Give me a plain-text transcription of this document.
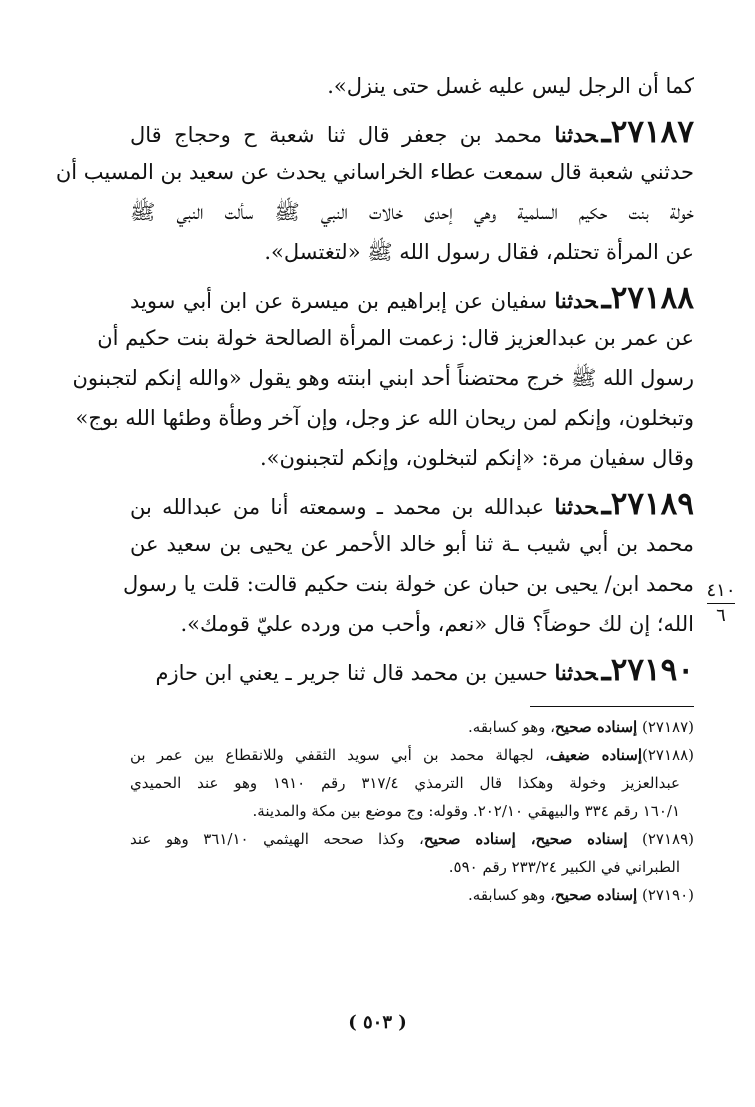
كما أن الرجل ليس عليه غسل حتى ينزل».
٢٧١٨٧ـحدثنا محمد بن جعفر قال ثنا شعبة ح وحجاج قال
حدثني شعبة قال سمعت عطاء الخراساني يحدث عن سعيد بن المسيب أن
خولة بنت حكيم السلمية وهي إحدى خالات النبي ﷺ سألت النبي ﷺ
عن المرأة تحتلم، فقال رسول الله ﷺ «لتغتسل».
٢٧١٨٨ـحدثنا سفيان عن إبراهيم بن ميسرة عن ابن أبي سويد
عن عمر بن عبدالعزيز قال: زعمت المرأة الصالحة خولة بنت حكيم أن
رسول الله ﷺ خرج محتضناً أحد ابني ابنته وهو يقول «والله إنكم لتجبنون
وتبخلون، وإنكم لمن ريحان الله عز وجل، وإن آخر وطأة وطئها الله بوج»
وقال سفيان مرة: «إنكم لتبخلون، وإنكم لتجبنون».
٢٧١٨٩ـحدثنا عبدالله بن محمد ـ وسمعته أنا من عبدالله بن
محمد بن أبي شيب ـة ثنا أبو خالد الأحمر عن يحيى بن سعيد عن
محمد ابن/ يحيى بن حبان عن خولة بنت حكيم قالت: قلت يا رسول
الله؛ إن لك حوضاً؟ قال «نعم، وأحب من ورده عليّ قومك».
٢٧١٩٠ـحدثنا حسين بن محمد قال ثنا جرير ـ يعني ابن حازم
٤١٠
٦
(٢٧١٨٧) إسناده صحيح، وهو كسابقه.
(٢٧١٨٨)إسناده ضعيف، لجهالة محمد بن أبي سويد الثقفي وللانقطاع بين عمر بن
عبدالعزيز وخولة وهكذا قال الترمذي ٣١٧/٤ رقم ١٩١٠ وهو عند الحميدي
١٦٠/١ رقم ٣٣٤ والبيهقي ٢٠٢/١٠. وقوله: وج موضع بين مكة والمدينة.
(٢٧١٨٩) إسناده صحيح، إسناده صحيح، وكذا صححه الهيثمي ٣٦١/١٠ وهو عند
الطبراني في الكبير ٢٣٣/٢٤ رقم ٥٩٠.
(٢٧١٩٠) إسناده صحيح، وهو كسابقه.
( ٥٠٣ )
